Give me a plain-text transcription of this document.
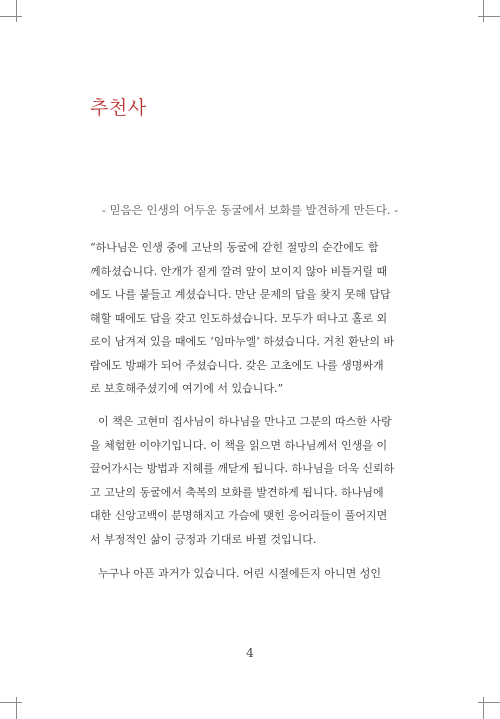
추천사

- 믿음은 인생의 어두운 동굴에서 보화를 발견하게 만든다. -

“하나님은 인생 중에 고난의 동굴에 갇힌 절망의 순간에도 함
께하셨습니다. 안개가 짙게 깔려 앞이 보이지 않아 비틀거릴 때
에도 나를 붙들고 계셨습니다. 만난 문제의 답을 찾지 못해 답답
해할 때에도 답을 갖고 인도하셨습니다. 모두가 떠나고 홀로 외
로이 남겨져 있을 때에도 ‘임마누엘’ 하셨습니다. 거친 환난의 바
람에도 방패가 되어 주셨습니다. 갖은 고초에도 나를 생명싸개
로 보호해주셨기에 여기에 서 있습니다.”
이 책은 고현미 집사님이 하나님을 만나고 그분의 따스한 사랑
을 체험한 이야기입니다. 이 책을 읽으면 하나님께서 인생을 이
끌어가시는 방법과 지혜를 깨닫게 됩니다. 하나님을 더욱 신뢰하
고 고난의 동굴에서 축복의 보화를 발견하게 됩니다. 하나님에
대한 신앙고백이 분명해지고 가슴에 맺힌 응어리들이 풀어지면
서 부정적인 삶이 긍정과 기대로 바뀔 것입니다.
누구나 아픈 과거가 있습니다. 어린 시절에든지 아니면 성인
4
